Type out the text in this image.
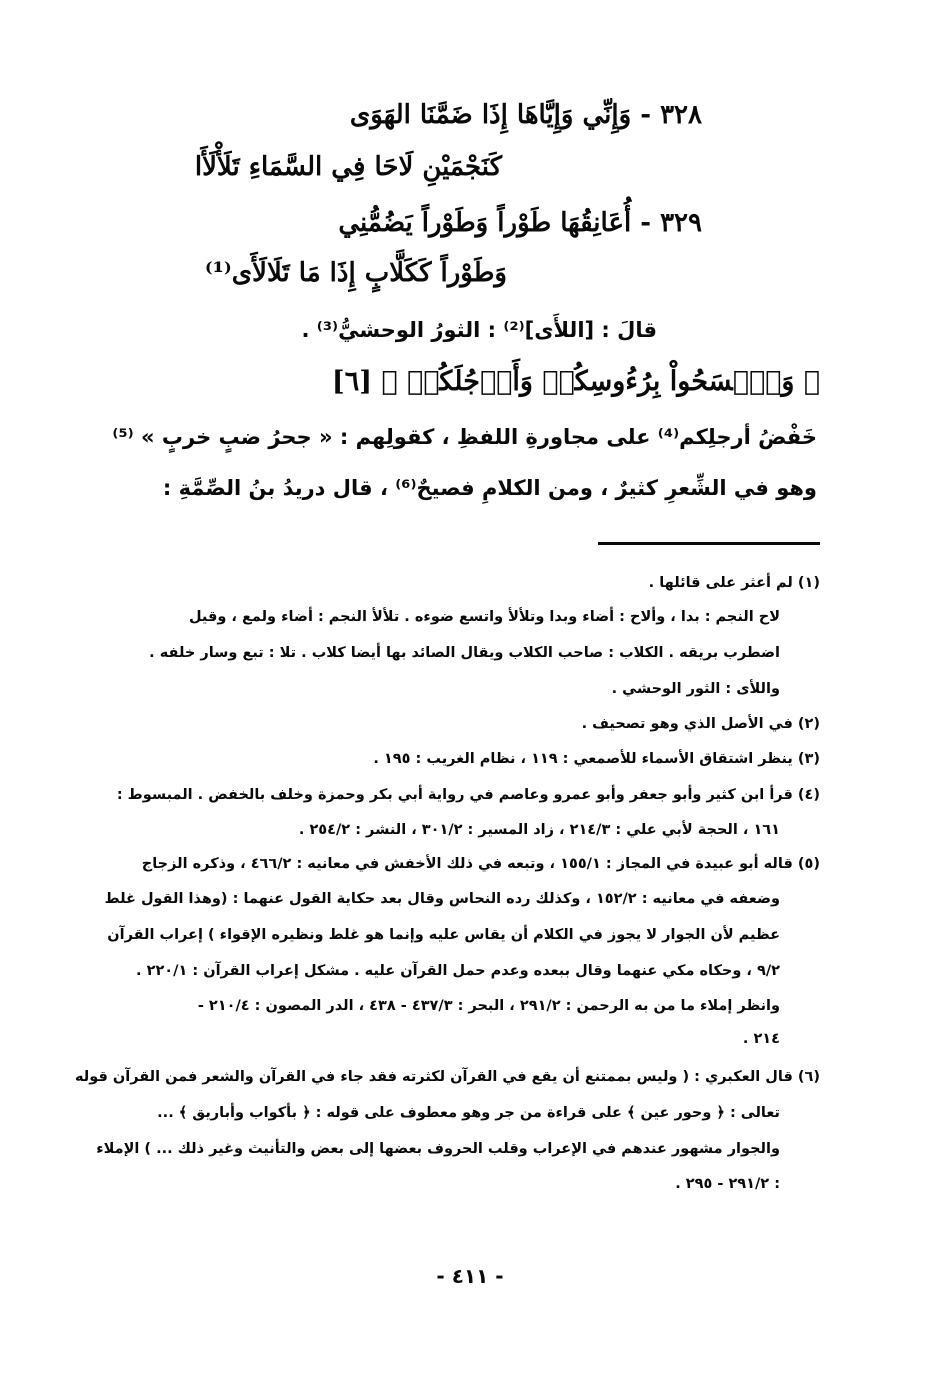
٣٢٨ - وَإِنِّي وَإِيَّاهَا إِذَا ضَمَّنَا الهَوَى
كَنَجْمَيْنِ لَاحَا فِي السَّمَاءِ تَلَأْلَأَا
٣٢٩ - أُعَانِقُهَا طَوْراً وَطَوْراً يَضُمُّنِي
وَطَوْراً كَكَلَّابٍ إِذَا مَا تَلَالَأَى⁽¹⁾
قالَ : [اللأَى]⁽²⁾ : الثورُ الوحشيُّ⁽³⁾ .
﴿ وَٱمۡسَحُواْ بِرُءُوسِكُمۡ وَأَرۡجُلَكُمۡ ﴾ [٦]
خَفْضُ أرجلِكم⁽⁴⁾ على مجاورةِ اللفظِ ، كقولِهم : « جحرُ ضبٍ خربٍ » ⁽⁵⁾
وهو في الشِّعرِ كثيرٌ ، ومن الكلامِ فصيحٌ⁽⁶⁾ ، قال دريدُ بنُ الصِّمَّةِ :
(١) لم أعثر على قائلها .
لاح النجم : بدا ، وألاح : أضاء وبدا وتلألأ واتسع ضوءه . تلألأ النجم : أضاء ولمع ، وقيل
اضطرب بريقه . الكلاب : صاحب الكلاب ويقال الصائد بها أيضا كلاب . تلا : تبع وسار خلفه .
واللأى : الثور الوحشي .
(٢) في الأصل الذي وهو تصحيف .
(٣) ينظر اشتقاق الأسماء للأصمعي : ١١٩ ، نظام الغريب : ١٩٥ .
(٤) قرأ ابن كثير وأبو جعفر وأبو عمرو وعاصم في رواية أبي بكر وحمزة وخلف بالخفض . المبسوط :
١٦١ ، الحجة لأبي علي : ٢١٤/٣ ، زاد المسير : ٣٠١/٢ ، النشر : ٢٥٤/٢ .
(٥) قاله أبو عبيدة في المجاز : ١٥٥/١ ، وتبعه في ذلك الأخفش في معانيه : ٤٦٦/٢ ، وذكره الزجاج
وضعفه في معانيه : ١٥٢/٢ ، وكذلك رده النحاس وقال بعد حكاية القول عنهما : (وهذا القول غلط
عظيم لأن الجوار لا يجوز في الكلام أن يقاس عليه وإنما هو غلط ونظيره الإقواء ) إعراب القرآن
٩/٢ ، وحكاه مكي عنهما وقال ببعده وعدم حمل القرآن عليه . مشكل إعراب القرآن : ٢٢٠/١ .
وانظر إملاء ما من به الرحمن : ٢٩١/٢ ، البحر : ٤٣٧/٣ - ٤٣٨ ، الدر المصون : ٢١٠/٤ -
٢١٤ .
(٦) قال العكبري : ( وليس بممتنع أن يقع في القرآن لكثرته فقد جاء في القرآن والشعر فمن القرآن قوله
تعالى : ﴿ وحور عين ﴾ على قراءة من جر وهو معطوف على قوله : ﴿ بأكواب وأباريق ﴾ ...
والجوار مشهور عندهم في الإعراب وقلب الحروف بعضها إلى بعض والتأنيث وغير ذلك ... ) الإملاء
: ٢٩١/٢ - ٢٩٥ .
- ٤١١ -
